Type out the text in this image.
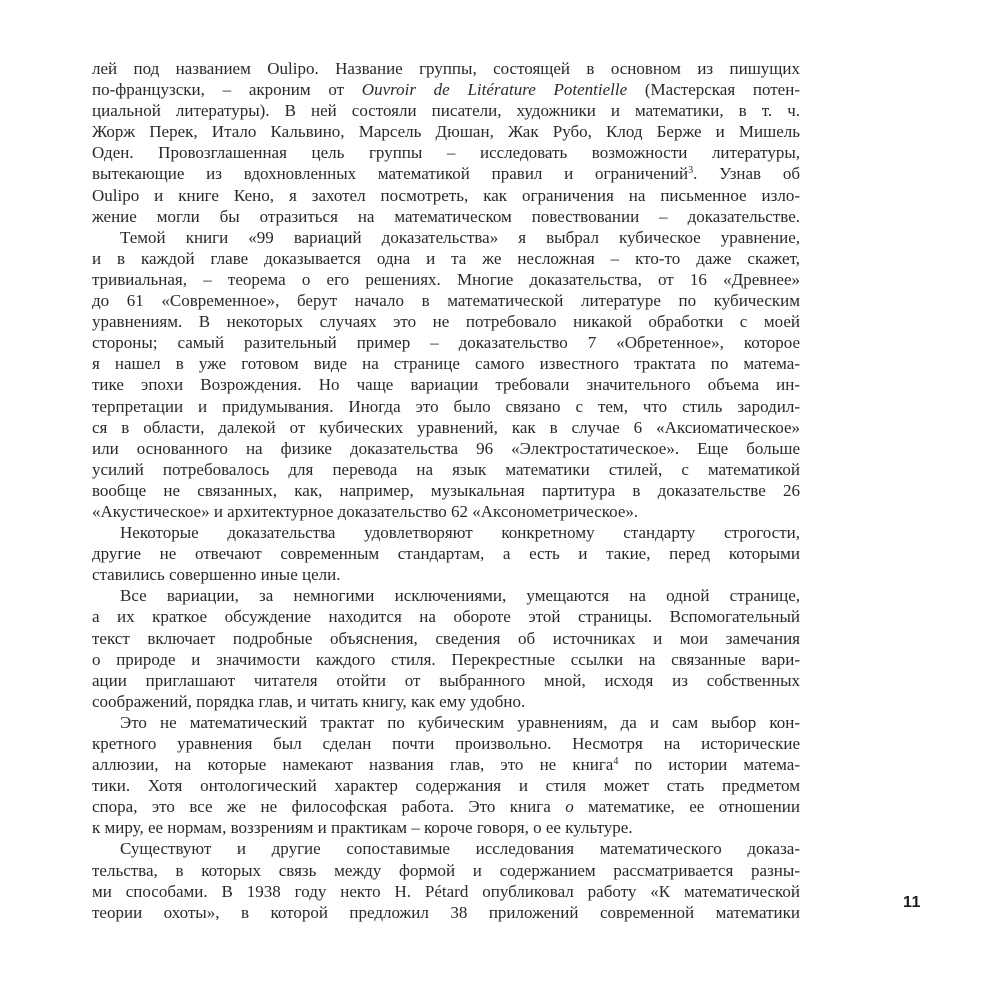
лей под названием Oulipo. Название группы, состоящей в основном из пишущих
по-французски, – акроним от Ouvroir de Litérature Potentielle (Мастерская потен-
циальной литературы). В ней состояли писатели, художники и математики, в т. ч.
Жорж Перек, Итало Кальвино, Марсель Дюшан, Жак Рубо, Клод Берже и Мишель
Оден. Провозглашенная цель группы – исследовать возможности литературы,
вытекающие из вдохновленных математикой правил и ограничений$^3$. Узнав об
Oulipo и книге Кено, я захотел посмотреть, как ограничения на письменное изло-
жение могли бы отразиться на математическом повествовании – доказательстве.
Темой книги «99 вариаций доказательства» я выбрал кубическое уравнение,
и в каждой главе доказывается одна и та же несложная – кто-то даже скажет,
тривиальная, – теорема о его решениях. Многие доказательства, от 16 «Древнее»
до 61 «Современное», берут начало в математической литературе по кубическим
уравнениям. В некоторых случаях это не потребовало никакой обработки с моей
стороны; самый разительный пример – доказательство 7 «Обретенное», которое
я нашел в уже готовом виде на странице самого известного трактата по матема-
тике эпохи Возрождения. Но чаще вариации требовали значительного объема ин-
терпретации и придумывания. Иногда это было связано с тем, что стиль зародил-
ся в области, далекой от кубических уравнений, как в случае 6 «Аксиоматическое»
или основанного на физике доказательства 96 «Электростатическое». Еще больше
усилий потребовалось для перевода на язык математики стилей, с математикой
вообще не связанных, как, например, музыкальная партитура в доказательстве 26
«Акустическое» и архитектурное доказательство 62 «Аксонометрическое».
Некоторые доказательства удовлетворяют конкретному стандарту строгости,
другие не отвечают современным стандартам, а есть и такие, перед которыми
ставились совершенно иные цели.
Все вариации, за немногими исключениями, умещаются на одной странице,
а их краткое обсуждение находится на обороте этой страницы. Вспомогательный
текст включает подробные объяснения, сведения об источниках и мои замечания
о природе и значимости каждого стиля. Перекрестные ссылки на связанные вари-
ации приглашают читателя отойти от выбранного мной, исходя из собственных
соображений, порядка глав, и читать книгу, как ему удобно.
Это не математический трактат по кубическим уравнениям, да и сам выбор кон-
кретного уравнения был сделан почти произвольно. Несмотря на исторические
аллюзии, на которые намекают названия глав, это не книга$^4$ по истории матема-
тики. Хотя онтологический характер содержания и стиля может стать предметом
спора, это все же не философская работа. Это книга о математике, ее отношении
к миру, ее нормам, воззрениям и практикам – короче говоря, о ее культуре.
Существуют и другие сопоставимые исследования математического доказа-
тельства, в которых связь между формой и содержанием рассматривается разны-
ми способами. В 1938 году некто H. Pétard опубликовал работу «К математической
теории охоты», в которой предложил 38 приложений современной математики
11
